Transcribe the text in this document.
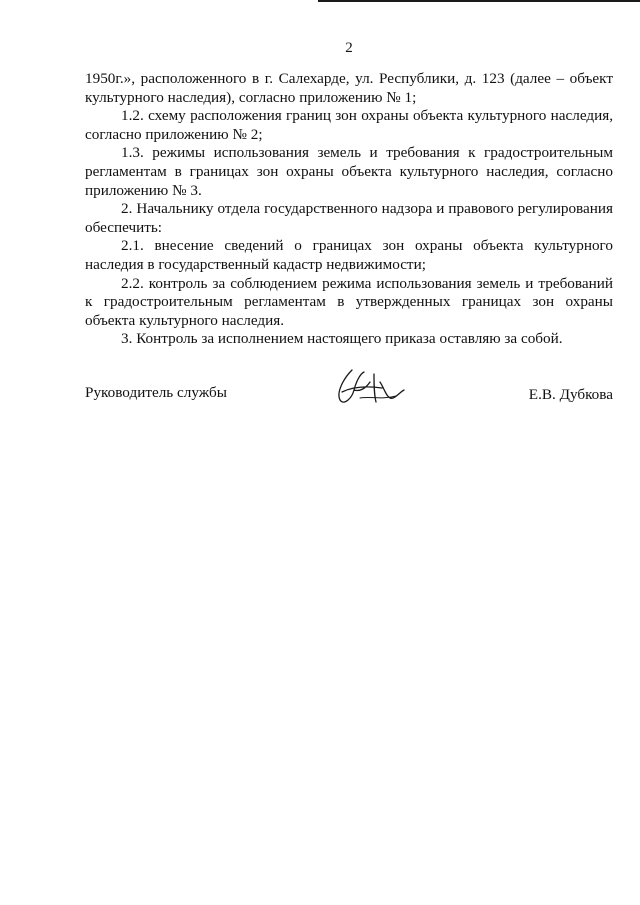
2

1950г.», расположенного в г. Салехарде, ул. Республики, д. 123 (далее – объект культурного наследия), согласно приложению № 1;

1.2. схему расположения границ зон охраны объекта культурного наследия, согласно приложению № 2;

1.3. режимы использования земель и требования к градостроительным регламентам в границах зон охраны объекта культурного наследия, согласно приложению № 3.

2. Начальнику отдела государственного надзора и правового регулирования обеспечить:

2.1. внесение сведений о границах зон охраны объекта культурного наследия в государственный кадастр недвижимости;

2.2. контроль за соблюдением режима использования земель и требований к градостроительным регламентам в утвержденных границах зон охраны объекта культурного наследия.

3. Контроль за исполнением настоящего приказа оставляю за собой.

Руководитель службы	Е.В. Дубкова
